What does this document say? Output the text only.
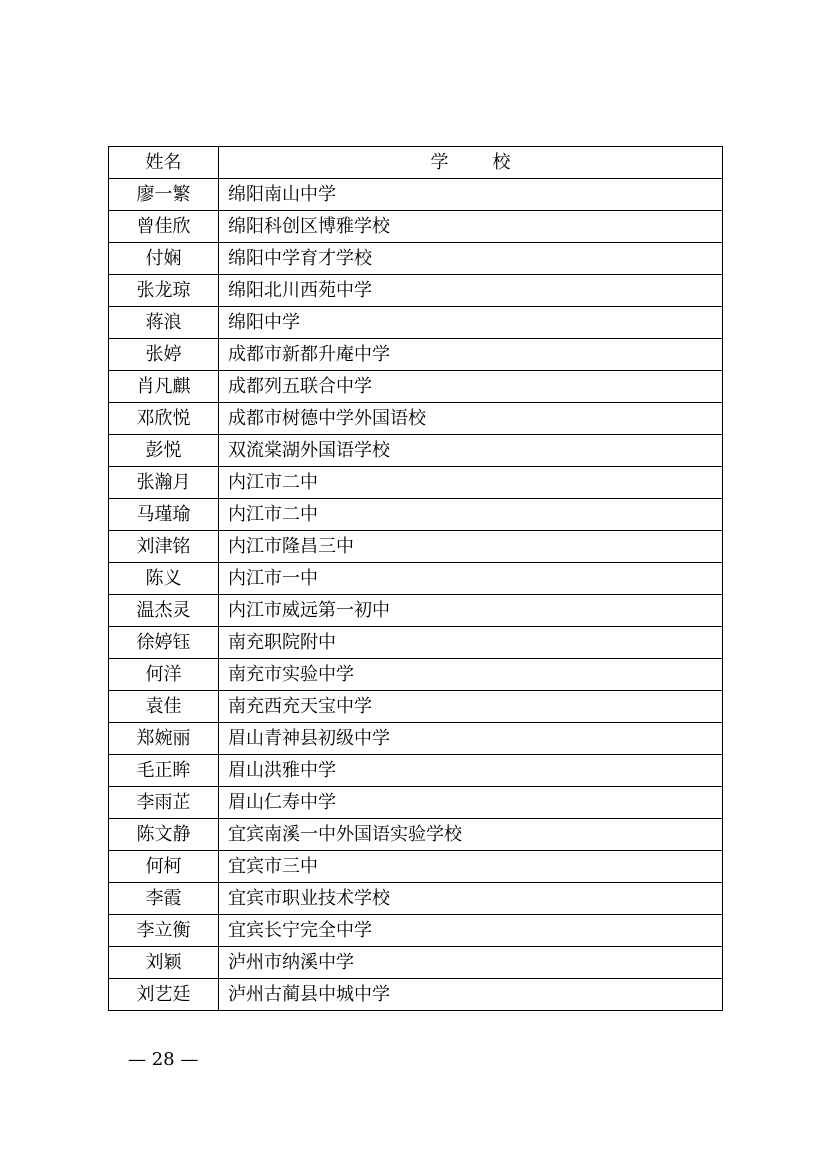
姓名	学校
廖一繁	绵阳南山中学
曾佳欣	绵阳科创区博雅学校
付娴	绵阳中学育才学校
张龙琼	绵阳北川西苑中学
蒋浪	绵阳中学
张婷	成都市新都升庵中学
肖凡麒	成都列五联合中学
邓欣悦	成都市树德中学外国语校
彭悦	双流棠湖外国语学校
张瀚月	内江市二中
马瑾瑜	内江市二中
刘津铭	内江市隆昌三中
陈义	内江市一中
温杰灵	内江市威远第一初中
徐婷钰	南充职院附中
何洋	南充市实验中学
袁佳	南充西充天宝中学
郑婉丽	眉山青神县初级中学
毛正眸	眉山洪雅中学
李雨芷	眉山仁寿中学
陈文静	宜宾南溪一中外国语实验学校
何柯	宜宾市三中
李霞	宜宾市职业技术学校
李立衡	宜宾长宁完全中学
刘颖	泸州市纳溪中学
刘艺廷	泸州古蔺县中城中学
— 28 —
